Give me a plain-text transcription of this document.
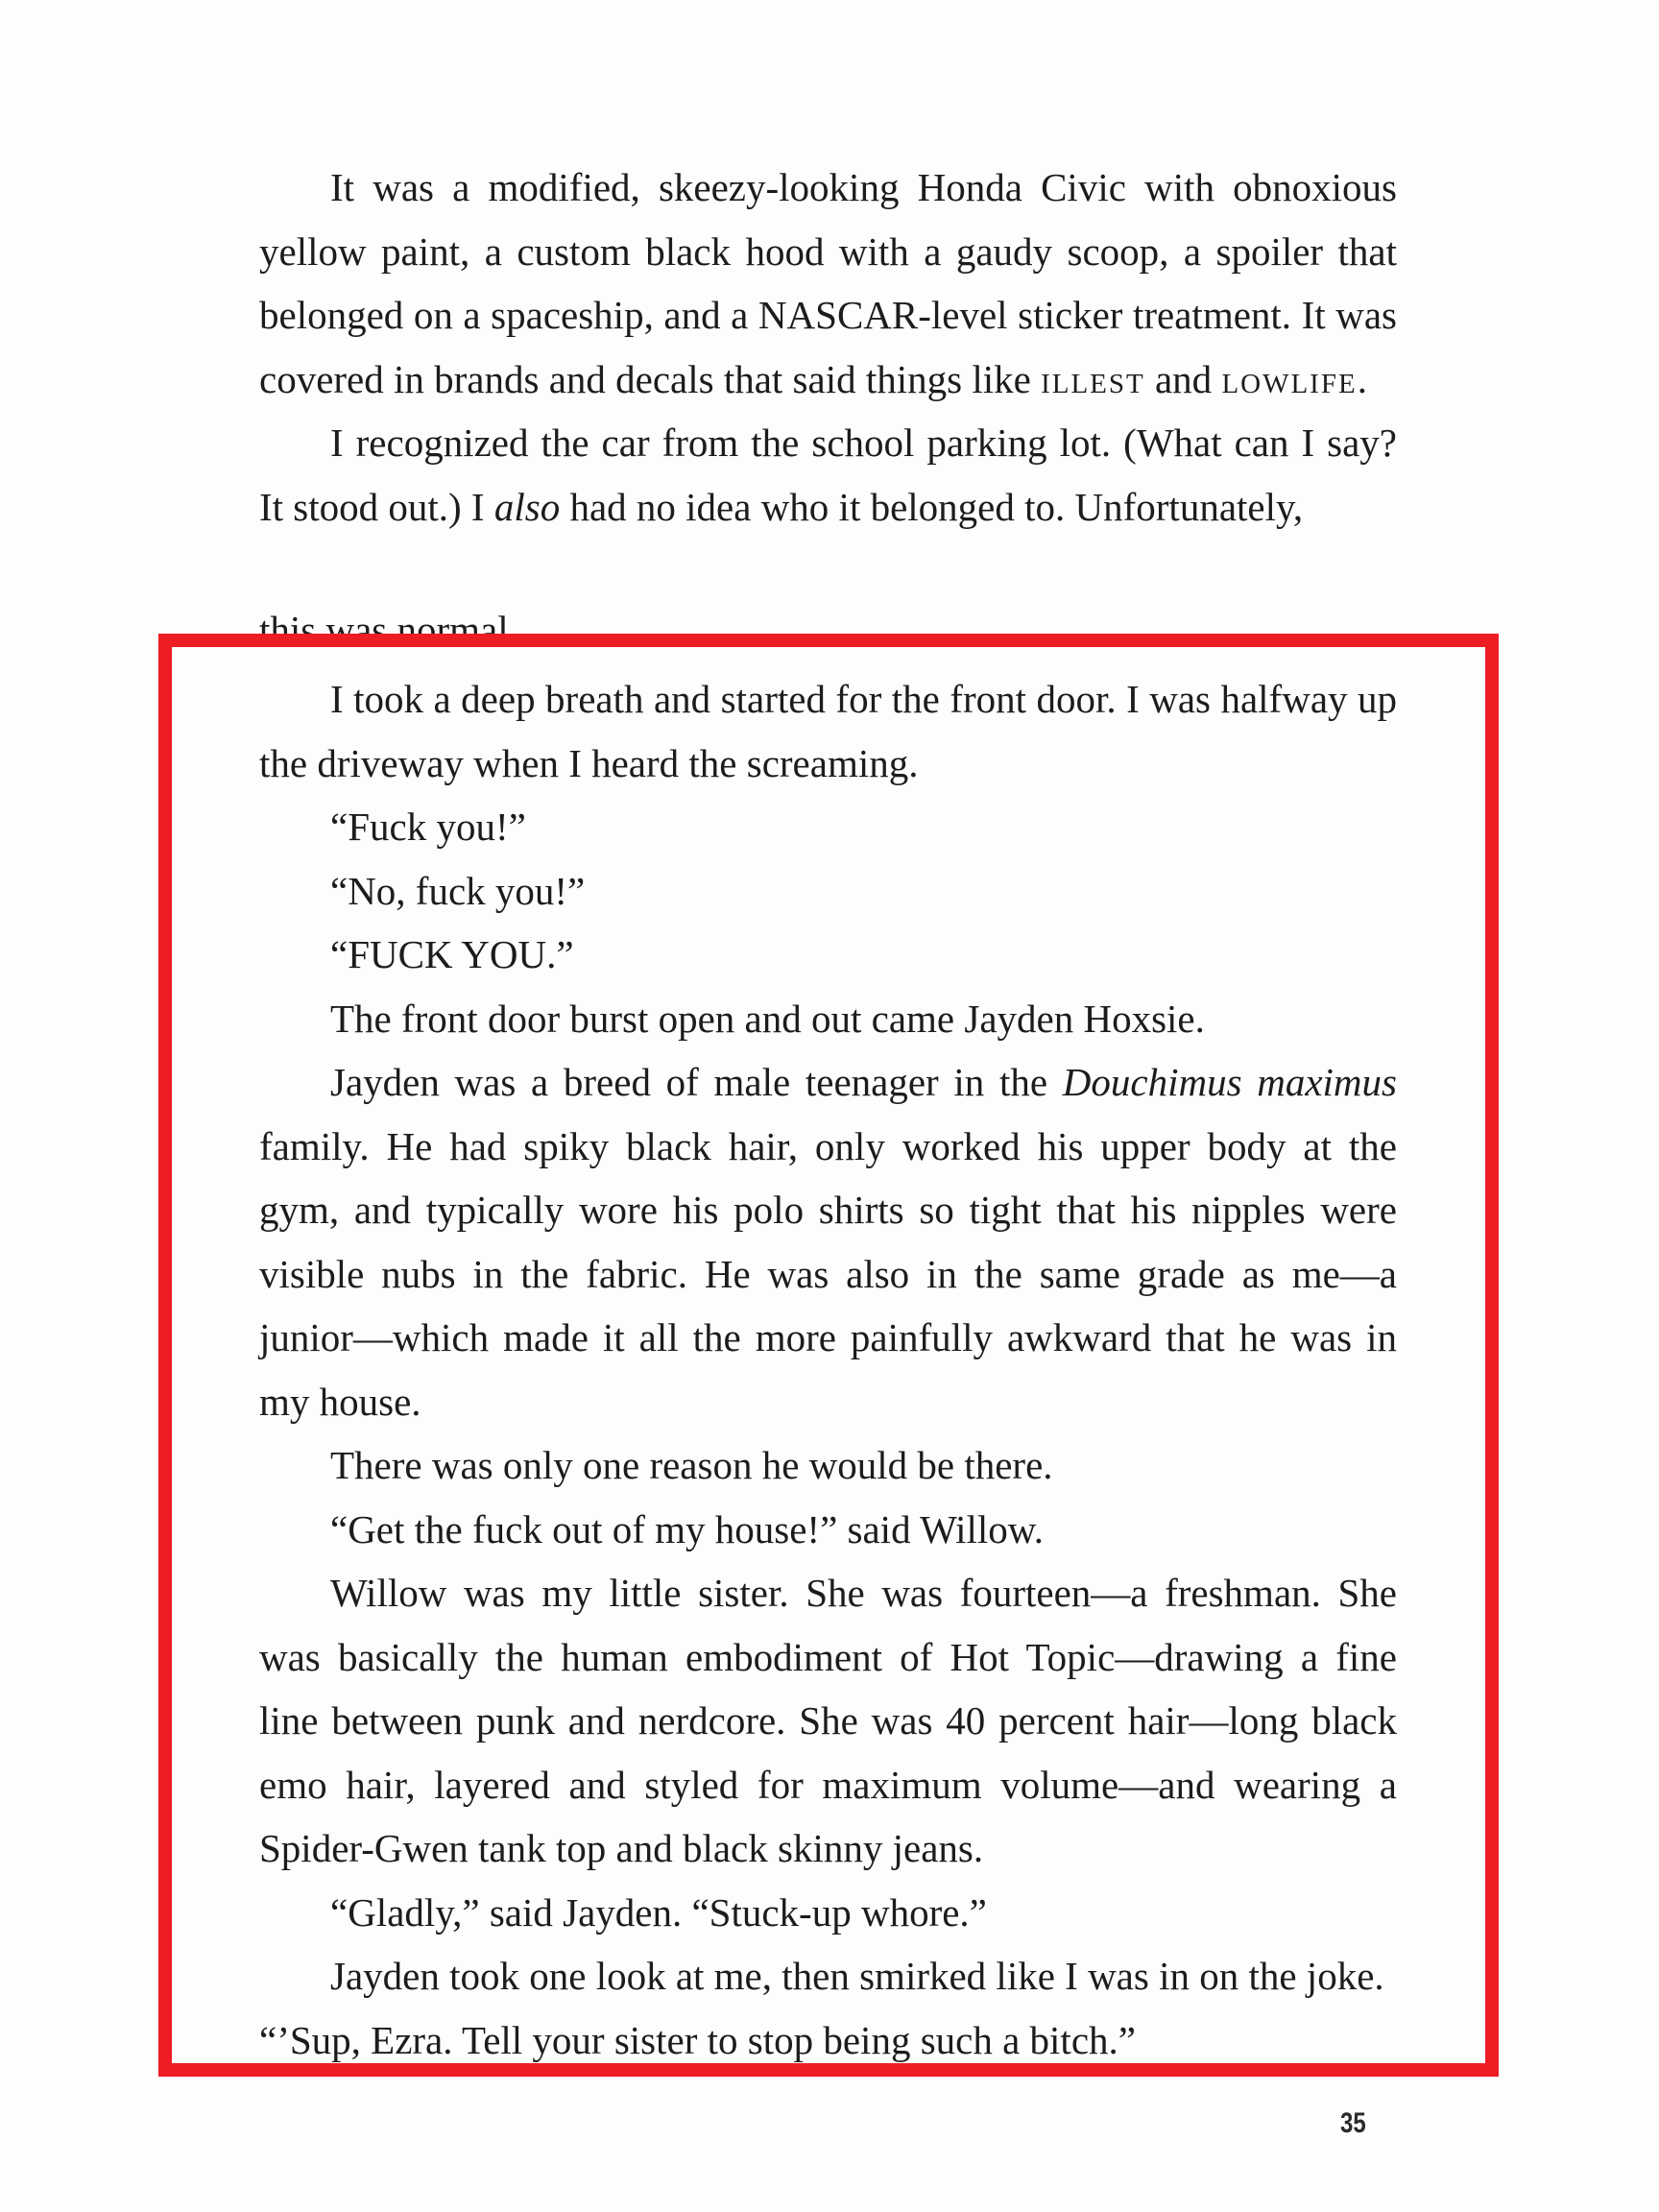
It was a modified, skeezy-looking Honda Civic with obnoxious yellow paint, a custom black hood with a gaudy scoop, a spoiler that belonged on a spaceship, and a NASCAR-level sticker treatment. It was covered in brands and decals that said things like illest and lowlife.

I recognized the car from the school parking lot. (What can I say? It stood out.) I also had no idea who it belonged to. Unfortunately,

this was normal.

I took a deep breath and started for the front door. I was halfway up the driveway when I heard the screaming.

“Fuck you!”

“No, fuck you!”

“FUCK YOU.”

The front door burst open and out came Jayden Hoxsie.

Jayden was a breed of male teenager in the Douchimus maximus family. He had spiky black hair, only worked his upper body at the gym, and typically wore his polo shirts so tight that his nipples were visible nubs in the fabric. He was also in the same grade as me—a junior—which made it all the more painfully awkward that he was in my house.

There was only one reason he would be there.

“Get the fuck out of my house!” said Willow.

Willow was my little sister. She was fourteen—a freshman. She was basically the human embodiment of Hot Topic—drawing a fine line between punk and nerdcore. She was 40 percent hair—long black emo hair, layered and styled for maximum volume—and wearing a Spider-Gwen tank top and black skinny jeans.

“Gladly,” said Jayden. “Stuck-up whore.”

Jayden took one look at me, then smirked like I was in on the joke.

“’Sup, Ezra. Tell your sister to stop being such a bitch.”

35
